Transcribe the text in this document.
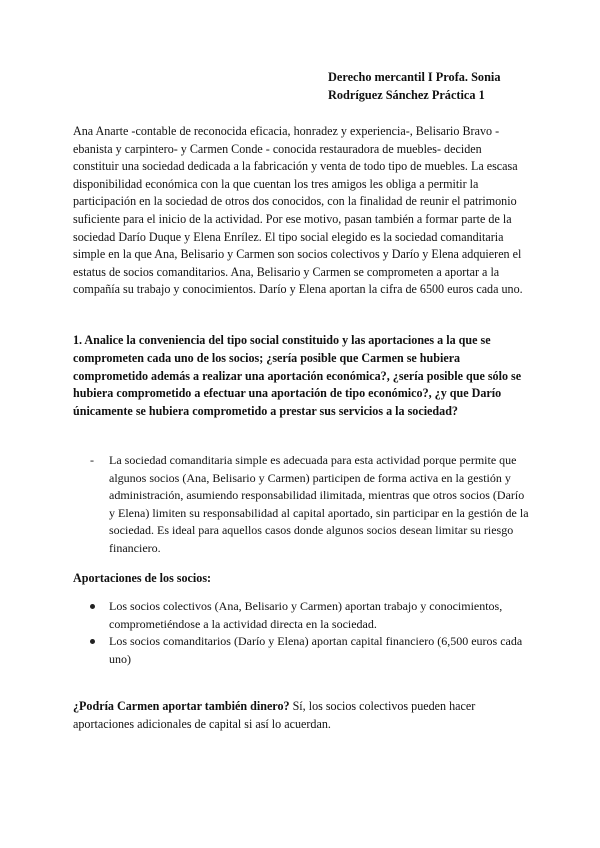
Derecho mercantil I Profa. Sonia
Rodríguez Sánchez Práctica 1

Ana Anarte -contable de reconocida eficacia, honradez y experiencia-, Belisario Bravo -ebanista y carpintero- y Carmen Conde - conocida restauradora de muebles- deciden constituir una sociedad dedicada a la fabricación y venta de todo tipo de muebles. La escasa disponibilidad económica con la que cuentan los tres amigos les obliga a permitir la participación en la sociedad de otros dos conocidos, con la finalidad de reunir el patrimonio suficiente para el inicio de la actividad. Por ese motivo, pasan también a formar parte de la sociedad Darío Duque y Elena Enrílez. El tipo social elegido es la sociedad comanditaria simple en la que Ana, Belisario y Carmen son socios colectivos y Darío y Elena adquieren el estatus de socios comanditarios. Ana, Belisario y Carmen se comprometen a aportar a la compañía su trabajo y conocimientos. Darío y Elena aportan la cifra de 6500 euros cada uno.

1. Analice la conveniencia del tipo social constituido y las aportaciones a la que se comprometen cada uno de los socios; ¿sería posible que Carmen se hubiera comprometido además a realizar una aportación económica?, ¿sería posible que sólo se hubiera comprometido a efectuar una aportación de tipo económico?, ¿y que Darío únicamente se hubiera comprometido a prestar sus servicios a la sociedad?

- La sociedad comanditaria simple es adecuada para esta actividad porque permite que algunos socios (Ana, Belisario y Carmen) participen de forma activa en la gestión y administración, asumiendo responsabilidad ilimitada, mientras que otros socios (Darío y Elena) limiten su responsabilidad al capital aportado, sin participar en la gestión de la sociedad. Es ideal para aquellos casos donde algunos socios desean limitar su riesgo financiero.
Aportaciones de los socios:
Los socios colectivos (Ana, Belisario y Carmen) aportan trabajo y conocimientos, comprometiéndose a la actividad directa en la sociedad.
Los socios comanditarios (Darío y Elena) aportan capital financiero (6,500 euros cada uno)

¿Podría Carmen aportar también dinero? Sí, los socios colectivos pueden hacer aportaciones adicionales de capital si así lo acuerdan.
